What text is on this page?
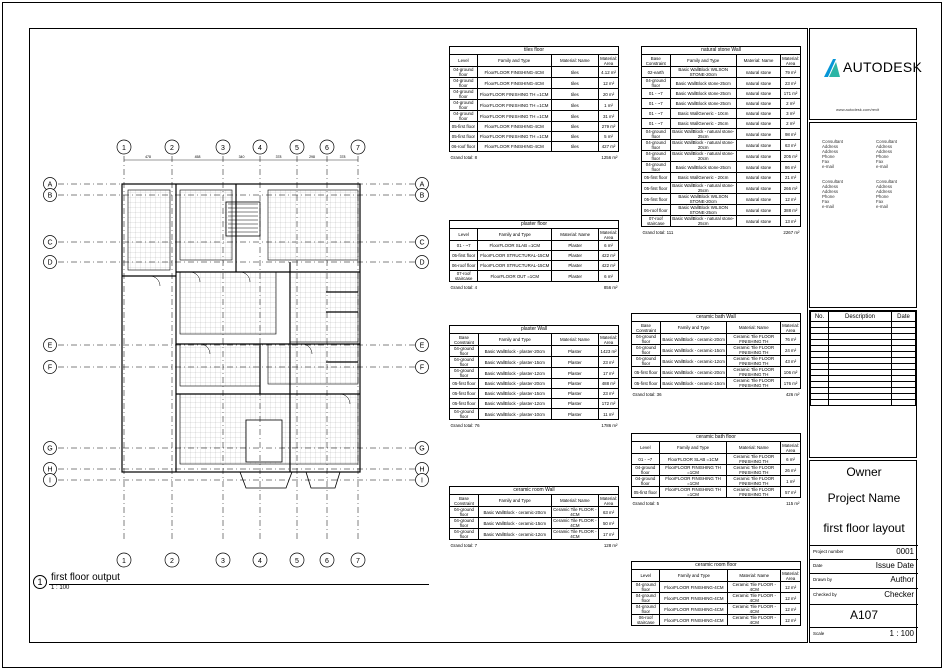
1
1
2
2
3
3
4
4
5
5
6
6
7
7
478	458	340	378	298	378
A	A
B	B
C	C
D	D
E	E
F	F
G	G
H	H
I	I
1 first floor output
1 : 100
tiles floor			
Level	Family and Type	Material: Name	Material: Area
04-ground floor	FloorFLOOR FINISHING-4CM	tiles	4.12 m²
04-ground floor	FloorFLOOR FINISHING-4CM	tiles	12 m²
04-ground floor	FloorFLOOR FINISHING TH =1CM	tiles	20 m²
04-ground floor	FloorFLOOR FINISHING TH =1CM	tiles	1 m²
04-ground floor	FloorFLOOR FINISHING TH =1CM	tiles	31 m²
05-first floor	FloorFLOOR FINISHING-4CM	tiles	279 m²
05-first floor	FloorFLOOR FINISHING TH =1CM	tiles	5 m²
06-roof floor	FloorFLOOR FINISHING-4CM	tiles	427 m²
Grand total: 8			1256 m²
plaster floor			
Level	Family and Type	Material: Name	Material: Area
01 - ~7	FloorFLOOR SLAB =1CM	Plaster	6 m²
05-first floor	FloorFLOOR STRUCTURAL-15CM	Plaster	422 m²
06-roof floor	FloorFLOOR STRUCTURAL-15CM	Plaster	422 m²
07-roof staircase	FloorFLOOR OUT =1CM	Plaster	6 m²
Grand total: 4			856 m²
plaster Wall			
Base Constraint	Family and Type	Material: Name	Material: Area
04-ground floor	Basic WallBlock - plaster-20cm	Plaster	1423 m²
04-ground floor	Basic WallBlock - plaster-15cm	Plaster	23 m²
04-ground floor	Basic WallBlock - plaster-12cm	Plaster	17 m²
05-first floor	Basic WallBlock - plaster-20cm	Plaster	488 m²
05-first floor	Basic WallBlock - plaster-15cm	Plaster	23 m²
05-first floor	Basic WallBlock - plaster-12cm	Plaster	172 m²
04-ground floor	Basic WallBlock - plaster-10cm	Plaster	11 m²
Grand total: 76			1786 m²
ceramic room Wall			
Base Constraint	Family and Type	Material: Name	Material: Area
04-ground floor	Basic WallBlock - ceramic-20cm	Ceramic Tile FLOOR - 4CM	63 m²
04-ground floor	Basic WallBlock - ceramic-15cm	Ceramic Tile FLOOR - 4CM	50 m²
04-ground floor	Basic WallBlock - ceramic-12cm	Ceramic Tile FLOOR - 4CM	17 m²
Grand total: 7			128 m²
natural stone Wall			
Base Constraint	Family and Type	Material: Name	Material: Area
02-earth	Basic WallBlock WILSON STONE-20cm	natural stone	79 m²
04-ground floor	Basic WallBlock stone-25cm	natural stone	23 m²
01 - ~7	Basic WallBlock stone-25cm	natural stone	171 m²
01 - ~7	Basic WallBlock stone-25cm	natural stone	2 m²
01 - ~7	Basic WallGeneric - 10cm	natural stone	3 m²
01 - ~7	Basic WallGeneric - 25cm	natural stone	2 m²
04-ground floor	Basic WallBlock - natural stone-25cm	natural stone	98 m²
04-ground floor	Basic WallBlock - natural stone-20cm	natural stone	63 m²
04-ground floor	Basic WallBlock - natural stone-20cm	natural stone	205 m²
04-ground floor	Basic WallBlock stone-25cm	natural stone	86 m²
05-first floor	Basic WallGeneric - 20cm	natural stone	21 m²
05-first floor	Basic WallBlock - natural stone-25cm	natural stone	266 m²
05-first floor	Basic WallBlock WILSON STONE-20cm	natural stone	12 m²
06-roof floor	Basic WallBlock WILSON STONE-25cm	natural stone	388 m²
07-roof staircase	Basic WallBlock - natural stone-25cm	natural stone	13 m²
Grand total: 111			2267 m²
ceramic bath Wall			
Base Constraint	Family and Type	Material: Name	Material: Area
04-ground floor	Basic WallBlock - ceramic-20cm	Ceramic Tile FLOOR FINISHING TH	76 m²
04-ground floor	Basic WallBlock - ceramic-15cm	Ceramic Tile FLOOR FINISHING TH	24 m²
04-ground floor	Basic WallBlock - ceramic-12cm	Ceramic Tile FLOOR FINISHING TH	43 m²
05-first floor	Basic WallBlock - ceramic-20cm	Ceramic Tile FLOOR FINISHING TH	106 m²
05-first floor	Basic WallBlock - ceramic-15cm	Ceramic Tile FLOOR FINISHING TH	176 m²
Grand total: 36			426 m²
ceramic bath floor			
Level	Family and Type	Material: Name	Material: Area
01 - ~7	FloorFLOOR SLAB =1CM	Ceramic Tile FLOOR FINISHING TH	6 m²
04-ground floor	FloorFLOOR FINISHING TH =1CM	Ceramic Tile FLOOR FINISHING TH	26 m²
04-ground floor	FloorFLOOR FINISHING TH =1CM	Ceramic Tile FLOOR FINISHING TH	1 m²
05-first floor	FloorFLOOR FINISHING TH =1CM	Ceramic Tile FLOOR FINISHING TH	57 m²
Grand total: 5			115 m²
ceramic room floor			
Level	Family and Type	Material: Name	Material: Area
04-ground floor	FloorFLOOR FINISHING-4CM	Ceramic Tile FLOOR - 4CM	12 m²
04-ground floor	FloorFLOOR FINISHING-4CM	Ceramic Tile FLOOR - 4CM	12 m²
04-ground floor	FloorFLOOR FINISHING-4CM	Ceramic Tile FLOOR - 4CM	12 m²
06-roof staircase	FloorFLOOR FINISHING-4CM	Ceramic Tile FLOOR - 4CM	12 m²
AUTODESK
www.autodesk.com/revit
Consultant
Address
Address
Phone
Fax
e-mail
Consultant
Address
Address
Phone
Fax
e-mail
Consultant
Address
Address
Phone
Fax
e-mail
Consultant
Address
Address
Phone
Fax
e-mail
No.	Description	Date

Owner
Project Name
first floor layout
Project number	0001
Date	Issue Date
Drawn by	Author
Checked by	Checker
A107
Scale	1 : 100
